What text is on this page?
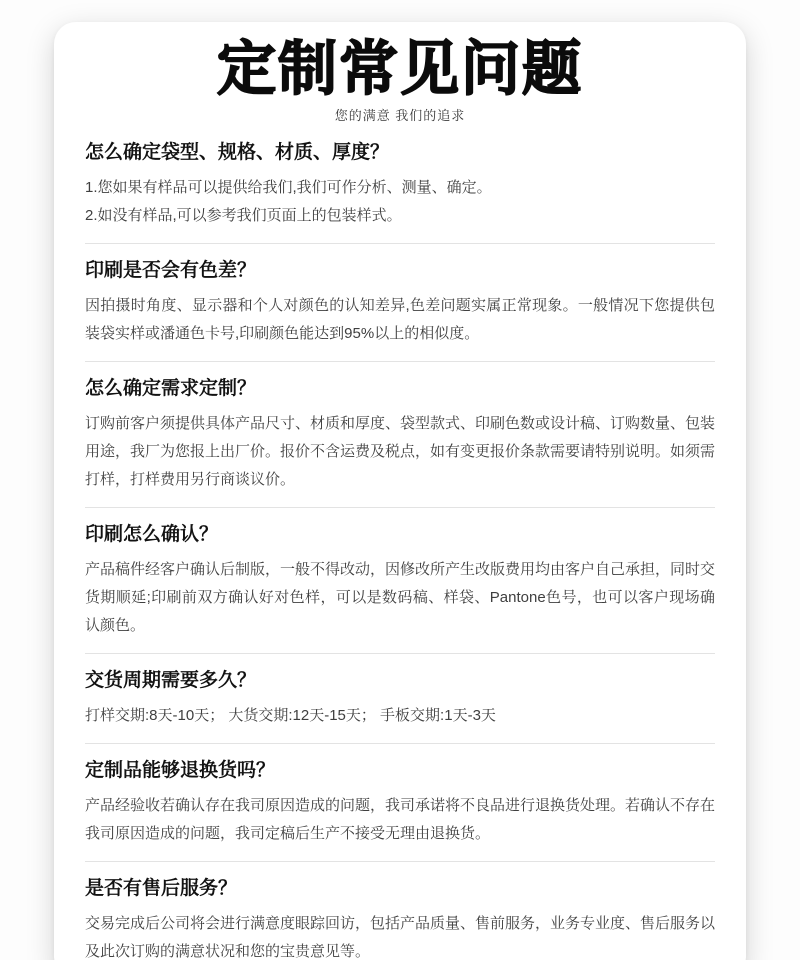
定制常见问题

您的满意 我们的追求

怎么确定袋型、规格、材质、厚度？

1.您如果有样品可以提供给我们,我们可作分析、测量、确定。

2.如没有样品,可以参考我们页面上的包装样式。

印刷是否会有色差？

因拍摄时角度、显示器和个人对颜色的认知差异,色差问题实属正常现象。一般情况下您提供包装袋实样或潘通色卡号,印刷颜色能达到95%以上的相似度。

怎么确定需求定制？

订购前客户须提供具体产品尺寸、材质和厚度、袋型款式、印刷色数或设计稿、订购数量、包装用途，我厂为您报上出厂价。报价不含运费及税点，如有变更报价条款需要请特别说明。如须需打样，打样费用另行商谈议价。

印刷怎么确认？

产品稿件经客户确认后制版，一般不得改动，因修改所产生改版费用均由客户自己承担，同时交货期顺延;印刷前双方确认好对色样，可以是数码稿、样袋、Pantone色号，也可以客户现场确认颜色。

交货周期需要多久？

打样交期:8天-10天； 大货交期:12天-15天； 手板交期:1天-3天

定制品能够退换货吗？

产品经验收若确认存在我司原因造成的问题，我司承诺将不良品进行退换货处理。若确认不存在我司原因造成的问题，我司定稿后生产不接受无理由退换货。

是否有售后服务？

交易完成后公司将会进行满意度眼踪回访，包括产品质量、售前服务，业务专业度、售后服务以及此次订购的满意状况和您的宝贵意见等。
